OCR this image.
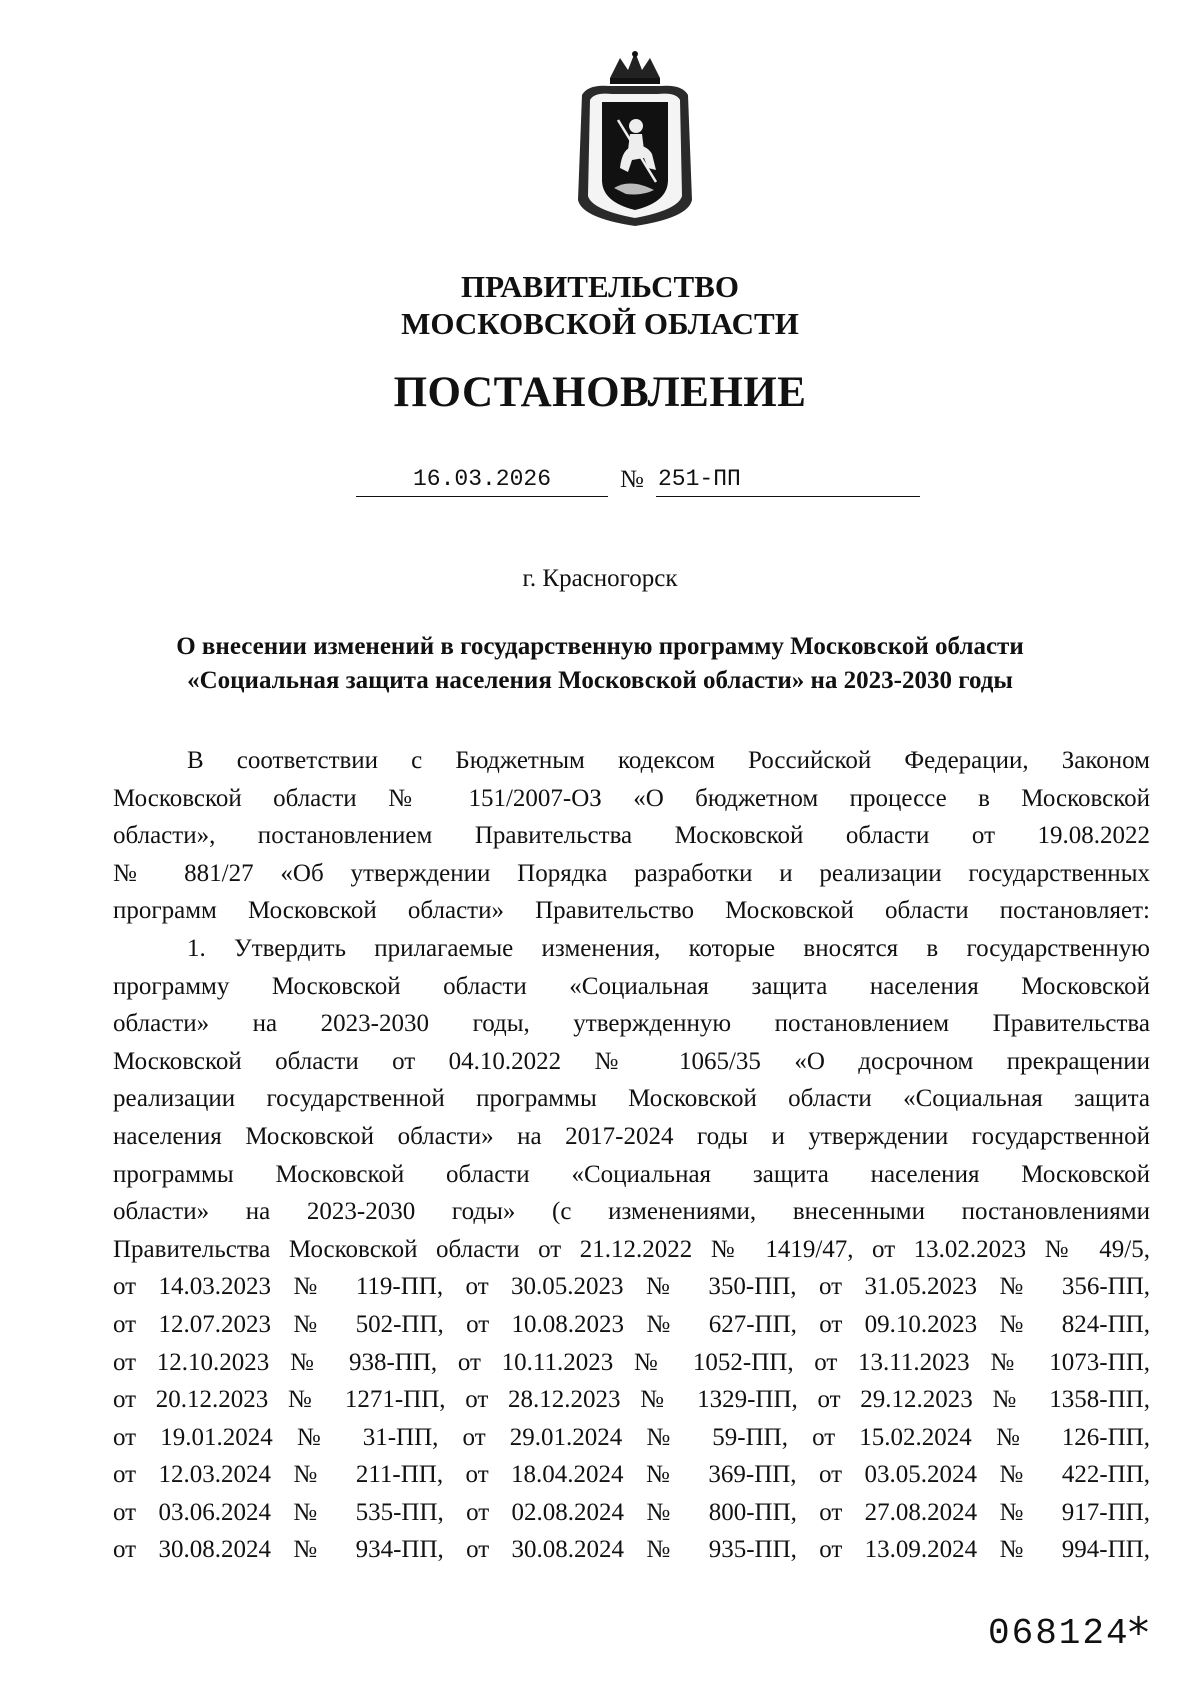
ПРАВИТЕЛЬСТВО
МОСКОВСКОЙ ОБЛАСТИ
ПОСТАНОВЛЕНИЕ
16.03.2026	№ 251-ПП
г. Красногорск
О внесении изменений в государственную программу Московской области
«Социальная защита населения Московской области» на 2023-2030 годы
В соответствии с Бюджетным кодексом Российской Федерации, Законом
Московской области № 151/2007-ОЗ «О бюджетном процессе в Московской
области», постановлением Правительства Московской области от 19.08.2022
№ 881/27 «Об утверждении Порядка разработки и реализации государственных
программ Московской области» Правительство Московской области постановляет:
1. Утвердить прилагаемые изменения, которые вносятся в государственную
программу Московской области «Социальная защита населения Московской
области» на 2023-2030 годы, утвержденную постановлением Правительства
Московской области от 04.10.2022 № 1065/35 «О досрочном прекращении
реализации государственной программы Московской области «Социальная защита
населения Московской области» на 2017-2024 годы и утверждении государственной
программы Московской области «Социальная защита населения Московской
области» на 2023-2030 годы» (с изменениями, внесенными постановлениями
Правительства Московской области от 21.12.2022 № 1419/47, от 13.02.2023 № 49/5,
от 14.03.2023 № 119-ПП, от 30.05.2023 № 350-ПП, от 31.05.2023 № 356-ПП,
от 12.07.2023 № 502-ПП, от 10.08.2023 № 627-ПП, от 09.10.2023 № 824-ПП,
от 12.10.2023 № 938-ПП, от 10.11.2023 № 1052-ПП, от 13.11.2023 № 1073-ПП,
от 20.12.2023 № 1271-ПП, от 28.12.2023 № 1329-ПП, от 29.12.2023 № 1358-ПП,
от 19.01.2024 № 31-ПП, от 29.01.2024 № 59-ПП, от 15.02.2024 № 126-ПП,
от 12.03.2024 № 211-ПП, от 18.04.2024 № 369-ПП, от 03.05.2024 № 422-ПП,
от 03.06.2024 № 535-ПП, от 02.08.2024 № 800-ПП, от 27.08.2024 № 917-ПП,
от 30.08.2024 № 934-ПП, от 30.08.2024 № 935-ПП, от 13.09.2024 № 994-ПП,
068124
*
